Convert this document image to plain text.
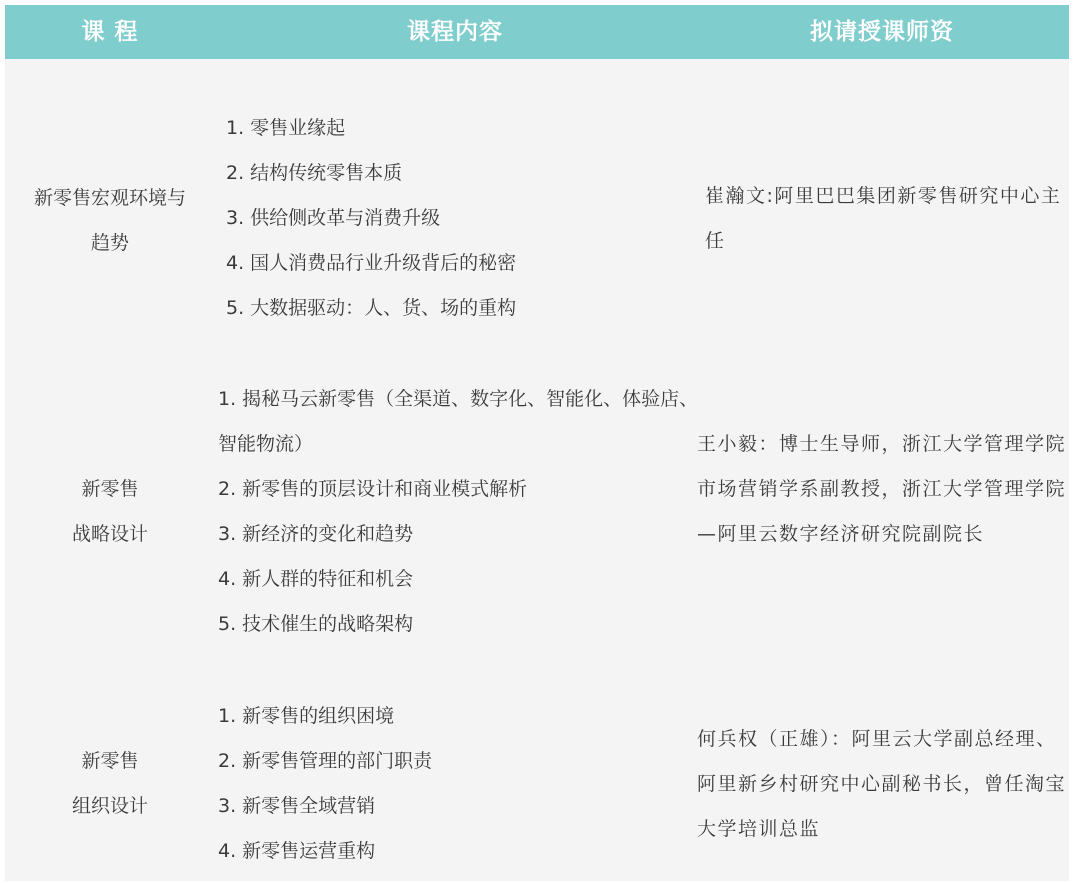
课 程	课程内容	拟请授课师资
新零售宏观环境与
趋势
1. 零售业缘起
2. 结构传统零售本质
3. 供给侧改革与消费升级
4. 国人消费品行业升级背后的秘密
5. 大数据驱动：人、货、场的重构
崔瀚文:阿里巴巴集团新零售研究中心主任
新零售
战略设计
1. 揭秘马云新零售（全渠道、数字化、智能化、体验店、智能物流）
2. 新零售的顶层设计和商业模式解析
3. 新经济的变化和趋势
4. 新人群的特征和机会
5. 技术催生的战略架构
王小毅：博士生导师，浙江大学管理学院市场营销学系副教授，浙江大学管理学院—阿里云数字经济研究院副院长
新零售
组织设计
1. 新零售的组织困境
2. 新零售管理的部门职责
3. 新零售全域营销
4. 新零售运营重构
何兵权（正雄）：阿里云大学副总经理、阿里新乡村研究中心副秘书长，曾任淘宝大学培训总监
